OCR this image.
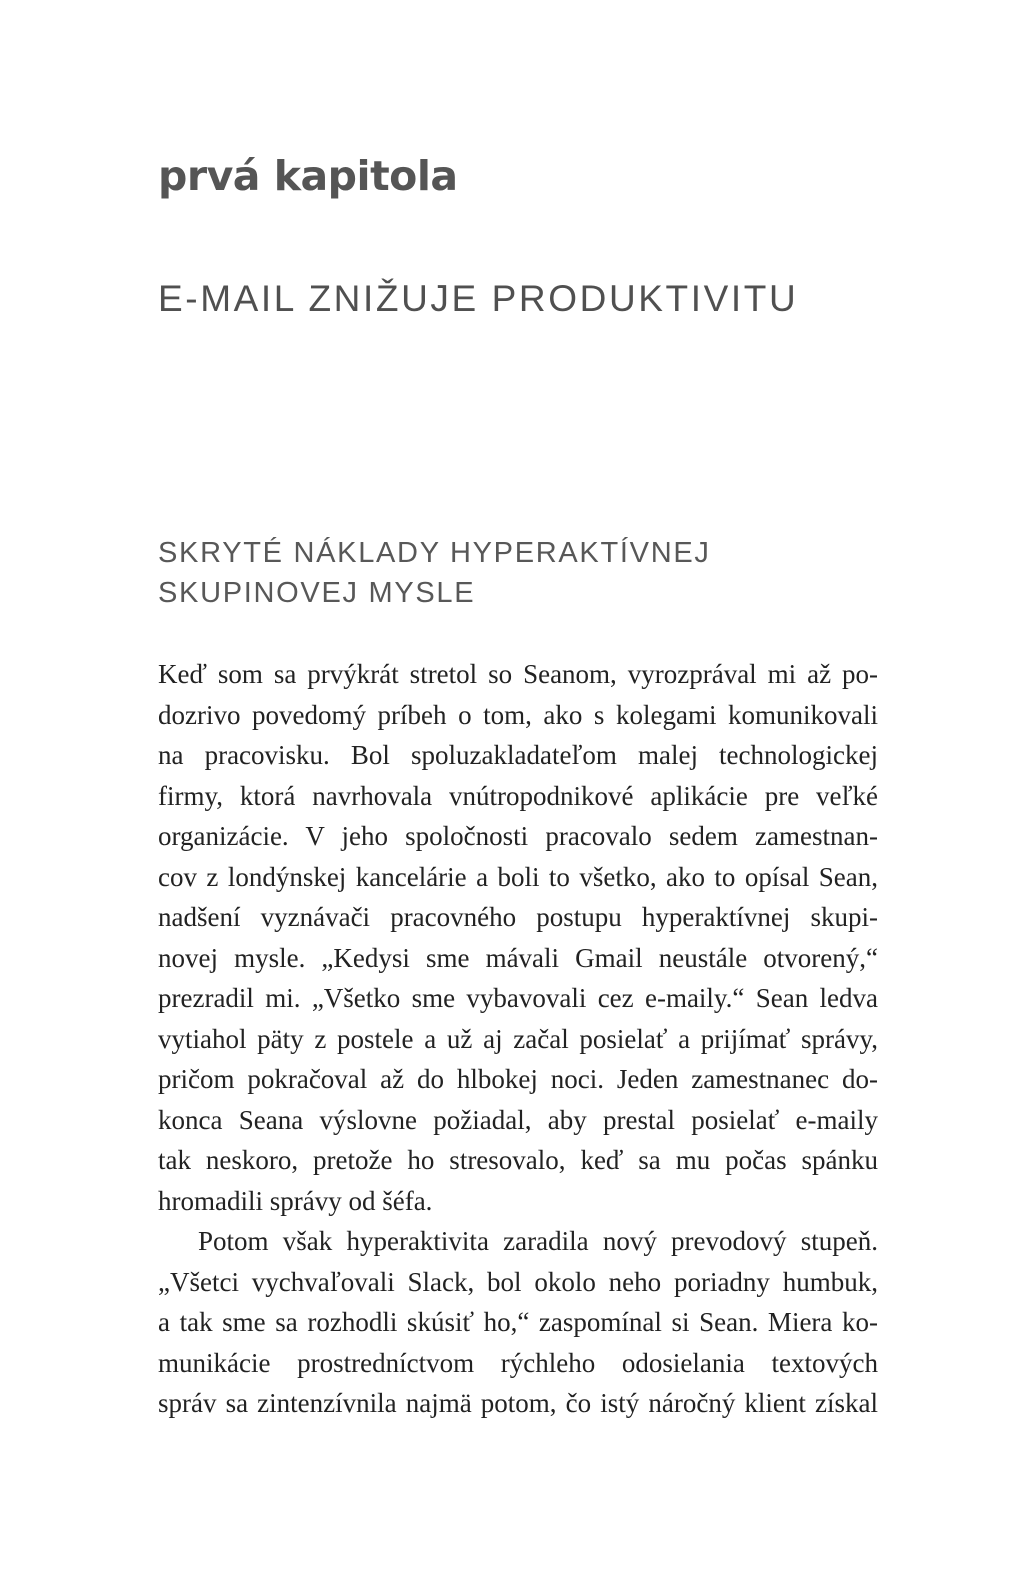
prvá kapitola
E-MAIL ZNIŽUJE PRODUKTIVITU
SKRYTÉ NÁKLADY HYPERAKTÍVNEJ
SKUPINOVEJ MYSLE
Keď som sa prvýkrát stretol so Seanom, vyrozprával mi až po-
dozrivo povedomý príbeh o tom, ako s kolegami komunikovali
na pracovisku. Bol spoluzakladateľom malej technologickej
firmy, ktorá navrhovala vnútropodnikové aplikácie pre veľké
organizácie. V jeho spoločnosti pracovalo sedem zamestnan-
cov z londýnskej kancelárie a boli to všetko, ako to opísal Sean,
nadšení vyznávači pracovného postupu hyperaktívnej skupi-
novej mysle. „Kedysi sme mávali Gmail neustále otvorený,“
prezradil mi. „Všetko sme vybavovali cez e-maily.“ Sean ledva
vytiahol päty z postele a už aj začal posielať a prijímať správy,
pričom pokračoval až do hlbokej noci. Jeden zamestnanec do-
konca Seana výslovne požiadal, aby prestal posielať e-maily
tak neskoro, pretože ho stresovalo, keď sa mu počas spánku
hromadili správy od šéfa.
Potom však hyperaktivita zaradila nový prevodový stupeň.
„Všetci vychvaľovali Slack, bol okolo neho poriadny humbuk,
a tak sme sa rozhodli skúsiť ho,“ zaspomínal si Sean. Miera ko-
munikácie prostredníctvom rýchleho odosielania textových
správ sa zintenzívnila najmä potom, čo istý náročný klient získal
